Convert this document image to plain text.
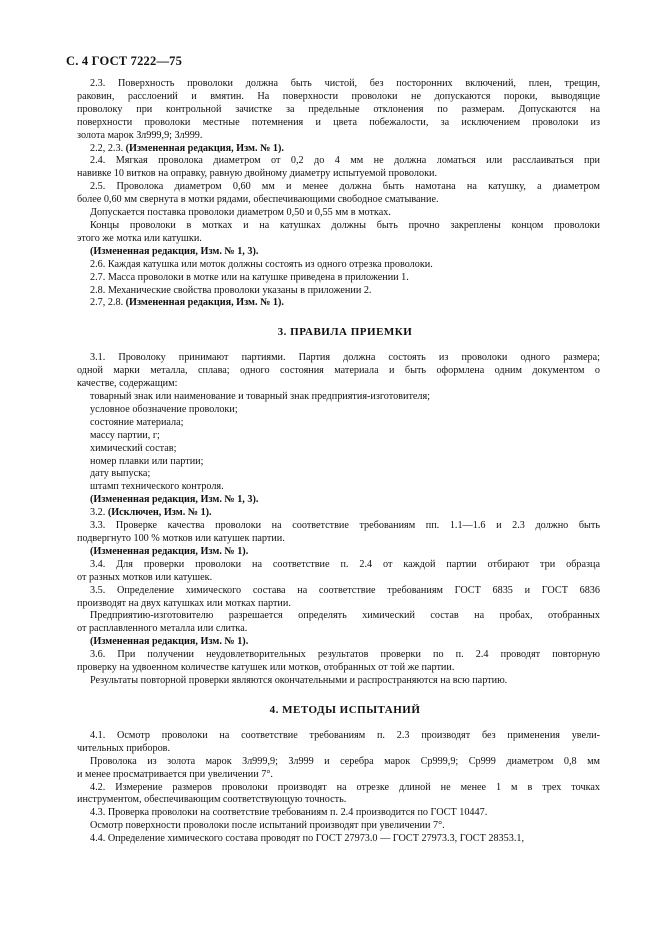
С. 4 ГОСТ 7222—75
2.3. Поверхность проволоки должна быть чистой, без посторонних включений, плен, трещин,
раковин, расслоений и вмятин. На поверхности проволоки не допускаются пороки, выводящие
проволоку при контрольной зачистке за предельные отклонения по размерам. Допускаются на
поверхности проволоки местные потемнения и цвета побежалости, за исключением проволоки из
золота марок Зл999,9; Зл999.
2.2, 2.3. (Измененная редакция, Изм. № 1).
2.4. Мягкая проволока диаметром от 0,2 до 4 мм не должна ломаться или расслаиваться при
навивке 10 витков на оправку, равную двойному диаметру испытуемой проволоки.
2.5. Проволока диаметром 0,60 мм и менее должна быть намотана на катушку, а диаметром
более 0,60 мм свернута в мотки рядами, обеспечивающими свободное сматывание.
Допускается поставка проволоки диаметром 0,50 и 0,55 мм в мотках.
Концы проволоки в мотках и на катушках должны быть прочно закреплены концом проволоки
этого же мотка или катушки.
(Измененная редакция, Изм. № 1, 3).
2.6. Каждая катушка или моток должны состоять из одного отрезка проволоки.
2.7. Масса проволоки в мотке или на катушке приведена в приложении 1.
2.8. Механические свойства проволоки указаны в приложении 2.
2.7, 2.8. (Измененная редакция, Изм. № 1).
3. ПРАВИЛА ПРИЕМКИ
3.1. Проволоку принимают партиями. Партия должна состоять из проволоки одного размера;
одной марки металла, сплава; одного состояния материала и быть оформлена одним документом о
качестве, содержащим:
товарный знак или наименование и товарный знак предприятия-изготовителя;
условное обозначение проволоки;
состояние материала;
массу партии, г;
химический состав;
номер плавки или партии;
дату выпуска;
штамп технического контроля.
(Измененная редакция, Изм. № 1, 3).
3.2. (Исключен, Изм. № 1).
3.3. Проверке качества проволоки на соответствие требованиям пп. 1.1—1.6 и 2.3 должно быть
подвергнуто 100 % мотков или катушек партии.
(Измененная редакция, Изм. № 1).
3.4. Для проверки проволоки на соответствие п. 2.4 от каждой партии отбирают три образца
от разных мотков или катушек.
3.5. Определение химического состава на соответствие требованиям ГОСТ 6835 и ГОСТ 6836
производят на двух катушках или мотках партии.
Предприятию-изготовителю разрешается определять химический состав на пробах, отобранных
от расплавленного металла или слитка.
(Измененная редакция, Изм. № 1).
3.6. При получении неудовлетворительных результатов проверки по п. 2.4 проводят повторную
проверку на удвоенном количестве катушек или мотков, отобранных от той же партии.
Результаты повторной проверки являются окончательными и распространяются на всю партию.
4. МЕТОДЫ ИСПЫТАНИЙ
4.1. Осмотр проволоки на соответствие требованиям п. 2.3 производят без применения увели-
чительных приборов.
Проволока из золота марок Зл999,9; Зл999 и серебра марок Ср999,9; Ср999 диаметром 0,8 мм
и менее просматривается при увеличении 7°.
4.2. Измерение размеров проволоки производят на отрезке длиной не менее 1 м в трех точках
инструментом, обеспечивающим соответствующую точность.
4.3. Проверка проволоки на соответствие требованиям п. 2.4 производится по ГОСТ 10447.
Осмотр поверхности проволоки после испытаний производят при увеличении 7°.
4.4. Определение химического состава проводят по ГОСТ 27973.0 — ГОСТ 27973.3, ГОСТ 28353.1,
